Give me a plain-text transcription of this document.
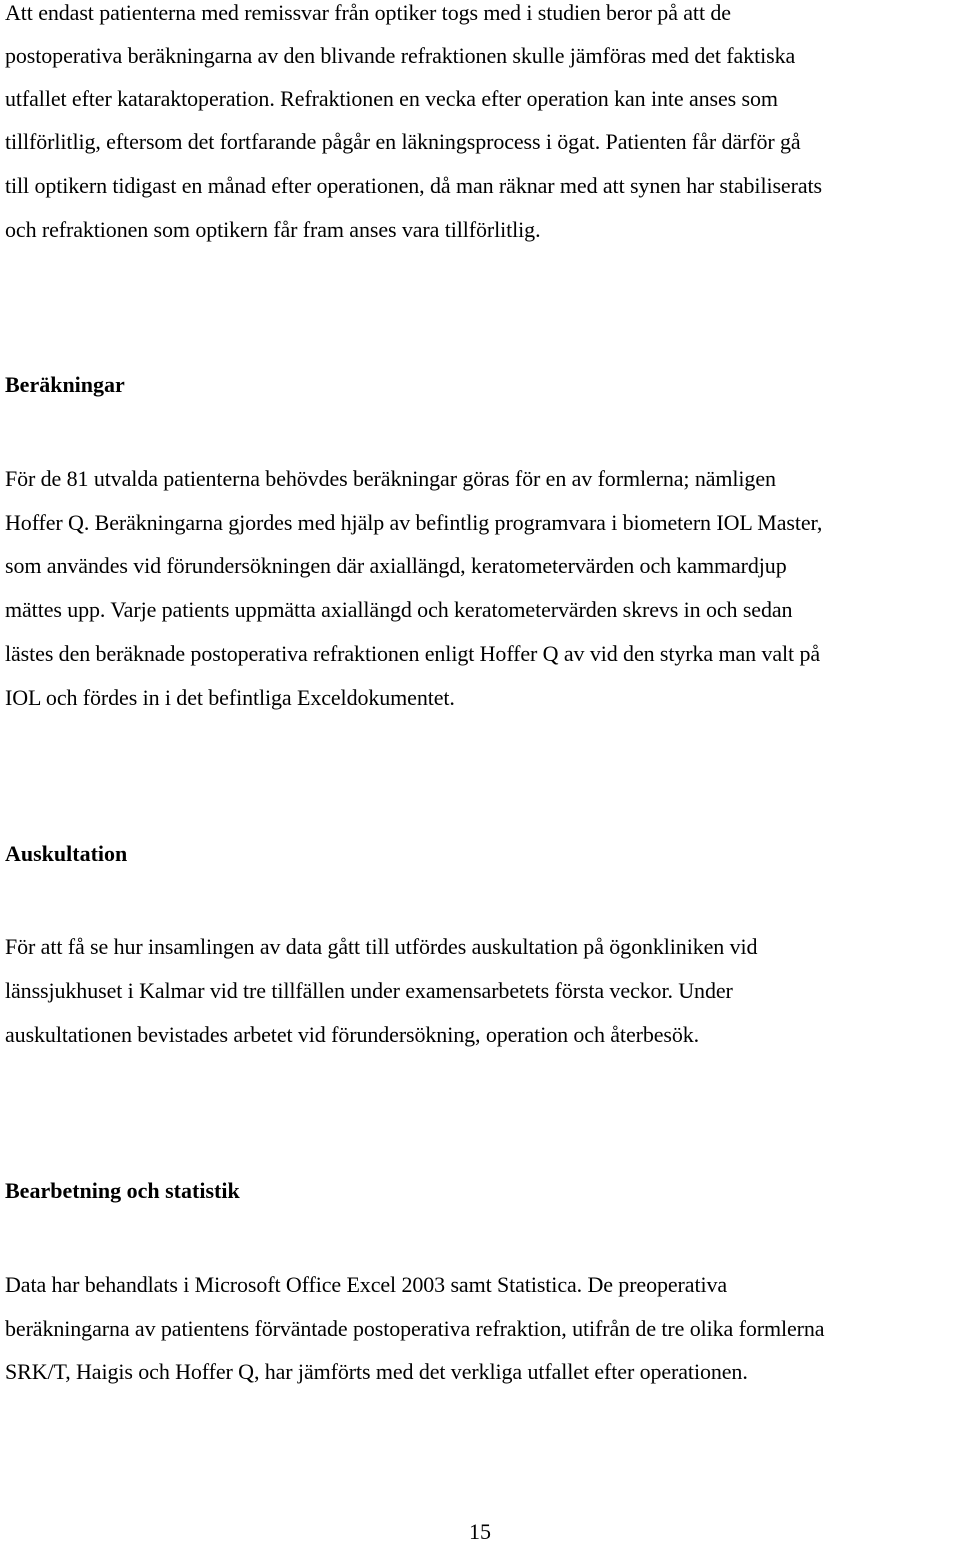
Att endast patienterna med remissvar från optiker togs med i studien beror på att de
postoperativa beräkningarna av den blivande refraktionen skulle jämföras med det faktiska
utfallet efter kataraktoperation. Refraktionen en vecka efter operation kan inte anses som
tillförlitlig, eftersom det fortfarande pågår en läkningsprocess i ögat. Patienten får därför gå
till optikern tidigast en månad efter operationen, då man räknar med att synen har stabiliserats
och refraktionen som optikern får fram anses vara tillförlitlig.
Beräkningar
För de 81 utvalda patienterna behövdes beräkningar göras för en av formlerna; nämligen
Hoffer Q. Beräkningarna gjordes med hjälp av befintlig programvara i biometern IOL Master,
som användes vid förundersökningen där axiallängd, keratometervärden och kammardjup
mättes upp. Varje patients uppmätta axiallängd och keratometervärden skrevs in och sedan
lästes den beräknade postoperativa refraktionen enligt Hoffer Q av vid den styrka man valt på
IOL och fördes in i det befintliga Exceldokumentet.
Auskultation
För att få se hur insamlingen av data gått till utfördes auskultation på ögonkliniken vid
länssjukhuset i Kalmar vid tre tillfällen under examensarbetets första veckor. Under
auskultationen bevistades arbetet vid förundersökning, operation och återbesök.
Bearbetning och statistik
Data har behandlats i Microsoft Office Excel 2003 samt Statistica. De preoperativa
beräkningarna av patientens förväntade postoperativa refraktion, utifrån de tre olika formlerna
SRK/T, Haigis och Hoffer Q, har jämförts med det verkliga utfallet efter operationen.
15
